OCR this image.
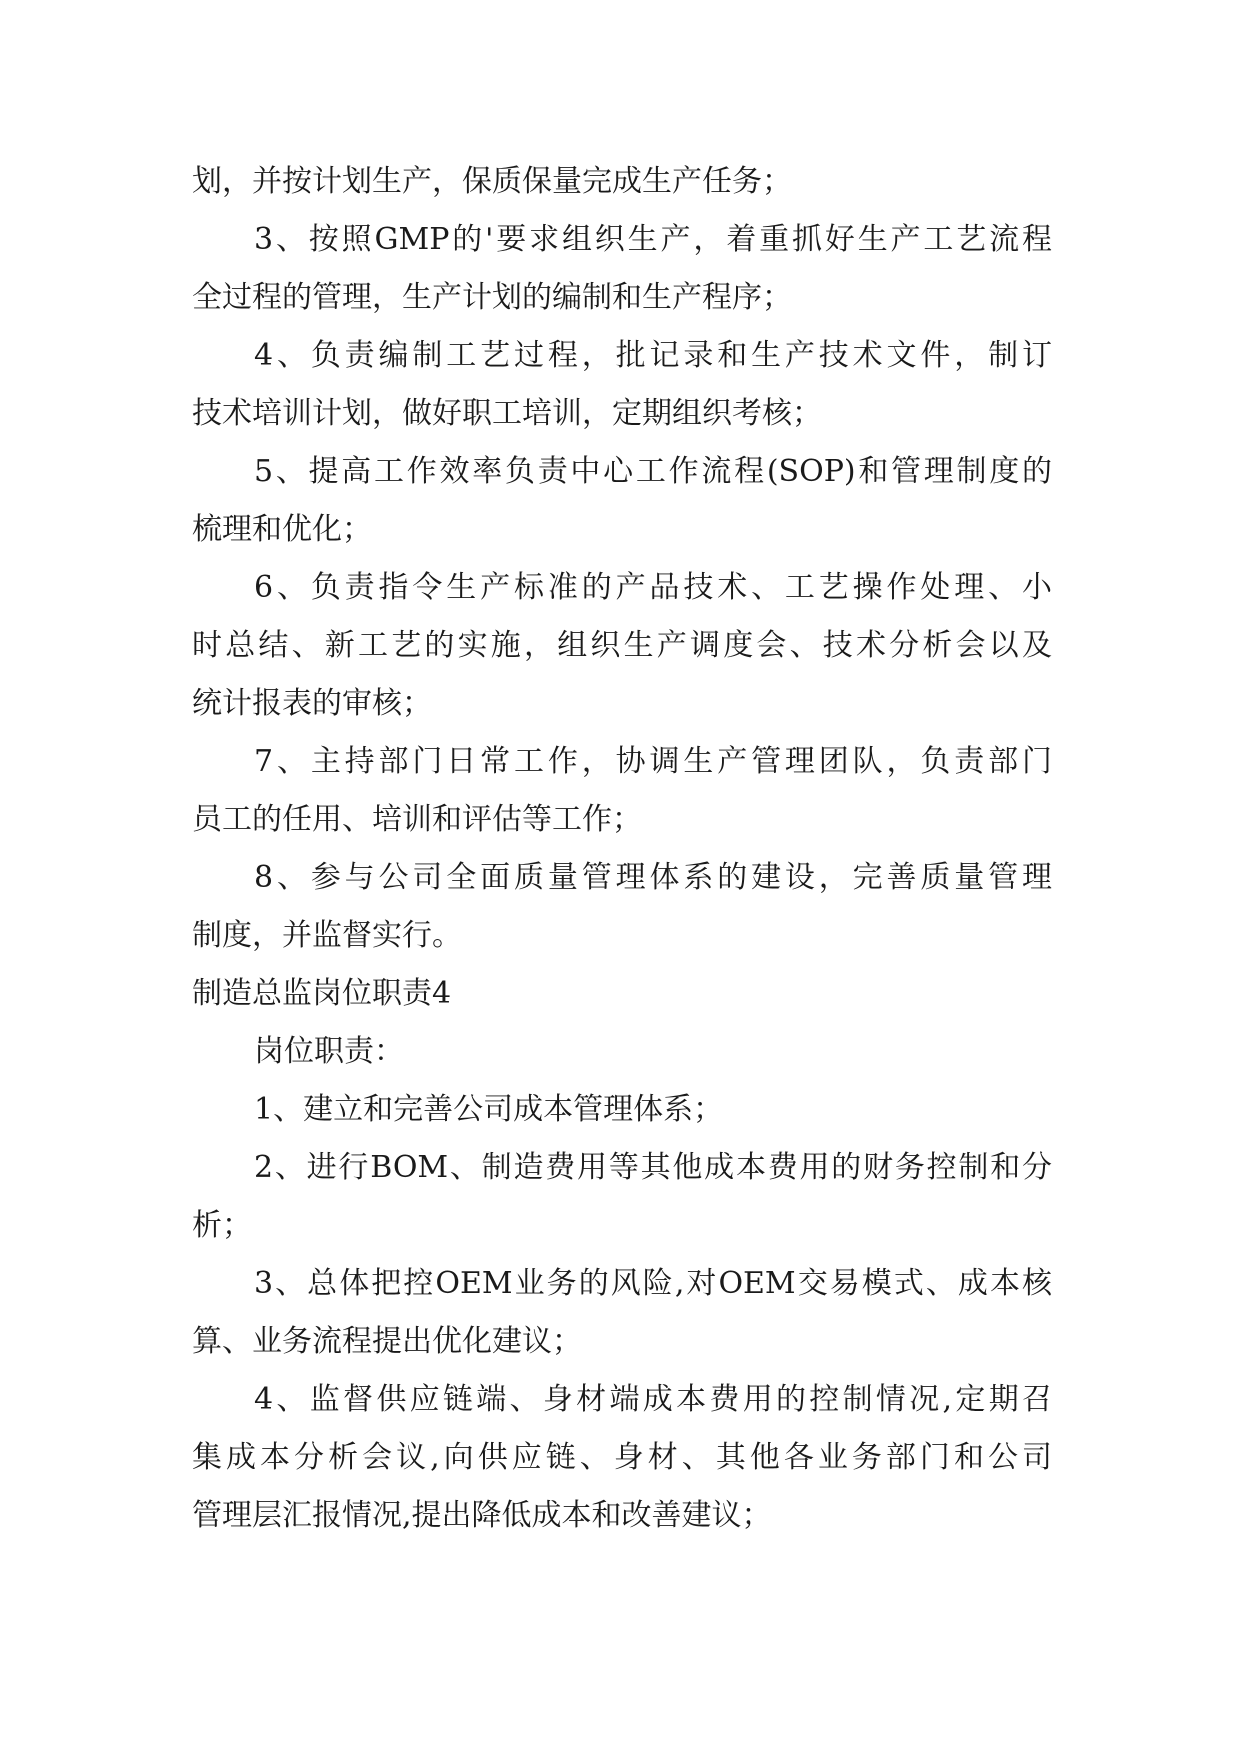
划，并按计划生产，保质保量完成生产任务；
3、按照GMP的'要求组织生产，着重抓好生产工艺流程
全过程的管理，生产计划的编制和生产程序；
4、负责编制工艺过程，批记录和生产技术文件，制订
技术培训计划，做好职工培训，定期组织考核；
5、提高工作效率负责中心工作流程(SOP)和管理制度的
梳理和优化；
6、负责指令生产标准的产品技术、工艺操作处理、小
时总结、新工艺的实施，组织生产调度会、技术分析会以及
统计报表的审核；
7、主持部门日常工作，协调生产管理团队，负责部门
员工的任用、培训和评估等工作；
8、参与公司全面质量管理体系的建设，完善质量管理
制度，并监督实行。
制造总监岗位职责4
岗位职责：
1、建立和完善公司成本管理体系；
2、进行BOM、制造费用等其他成本费用的财务控制和分
析；
3、总体把控OEM业务的风险,对OEM交易模式、成本核
算、业务流程提出优化建议；
4、监督供应链端、身材端成本费用的控制情况,定期召
集成本分析会议,向供应链、身材、其他各业务部门和公司
管理层汇报情况,提出降低成本和改善建议；
